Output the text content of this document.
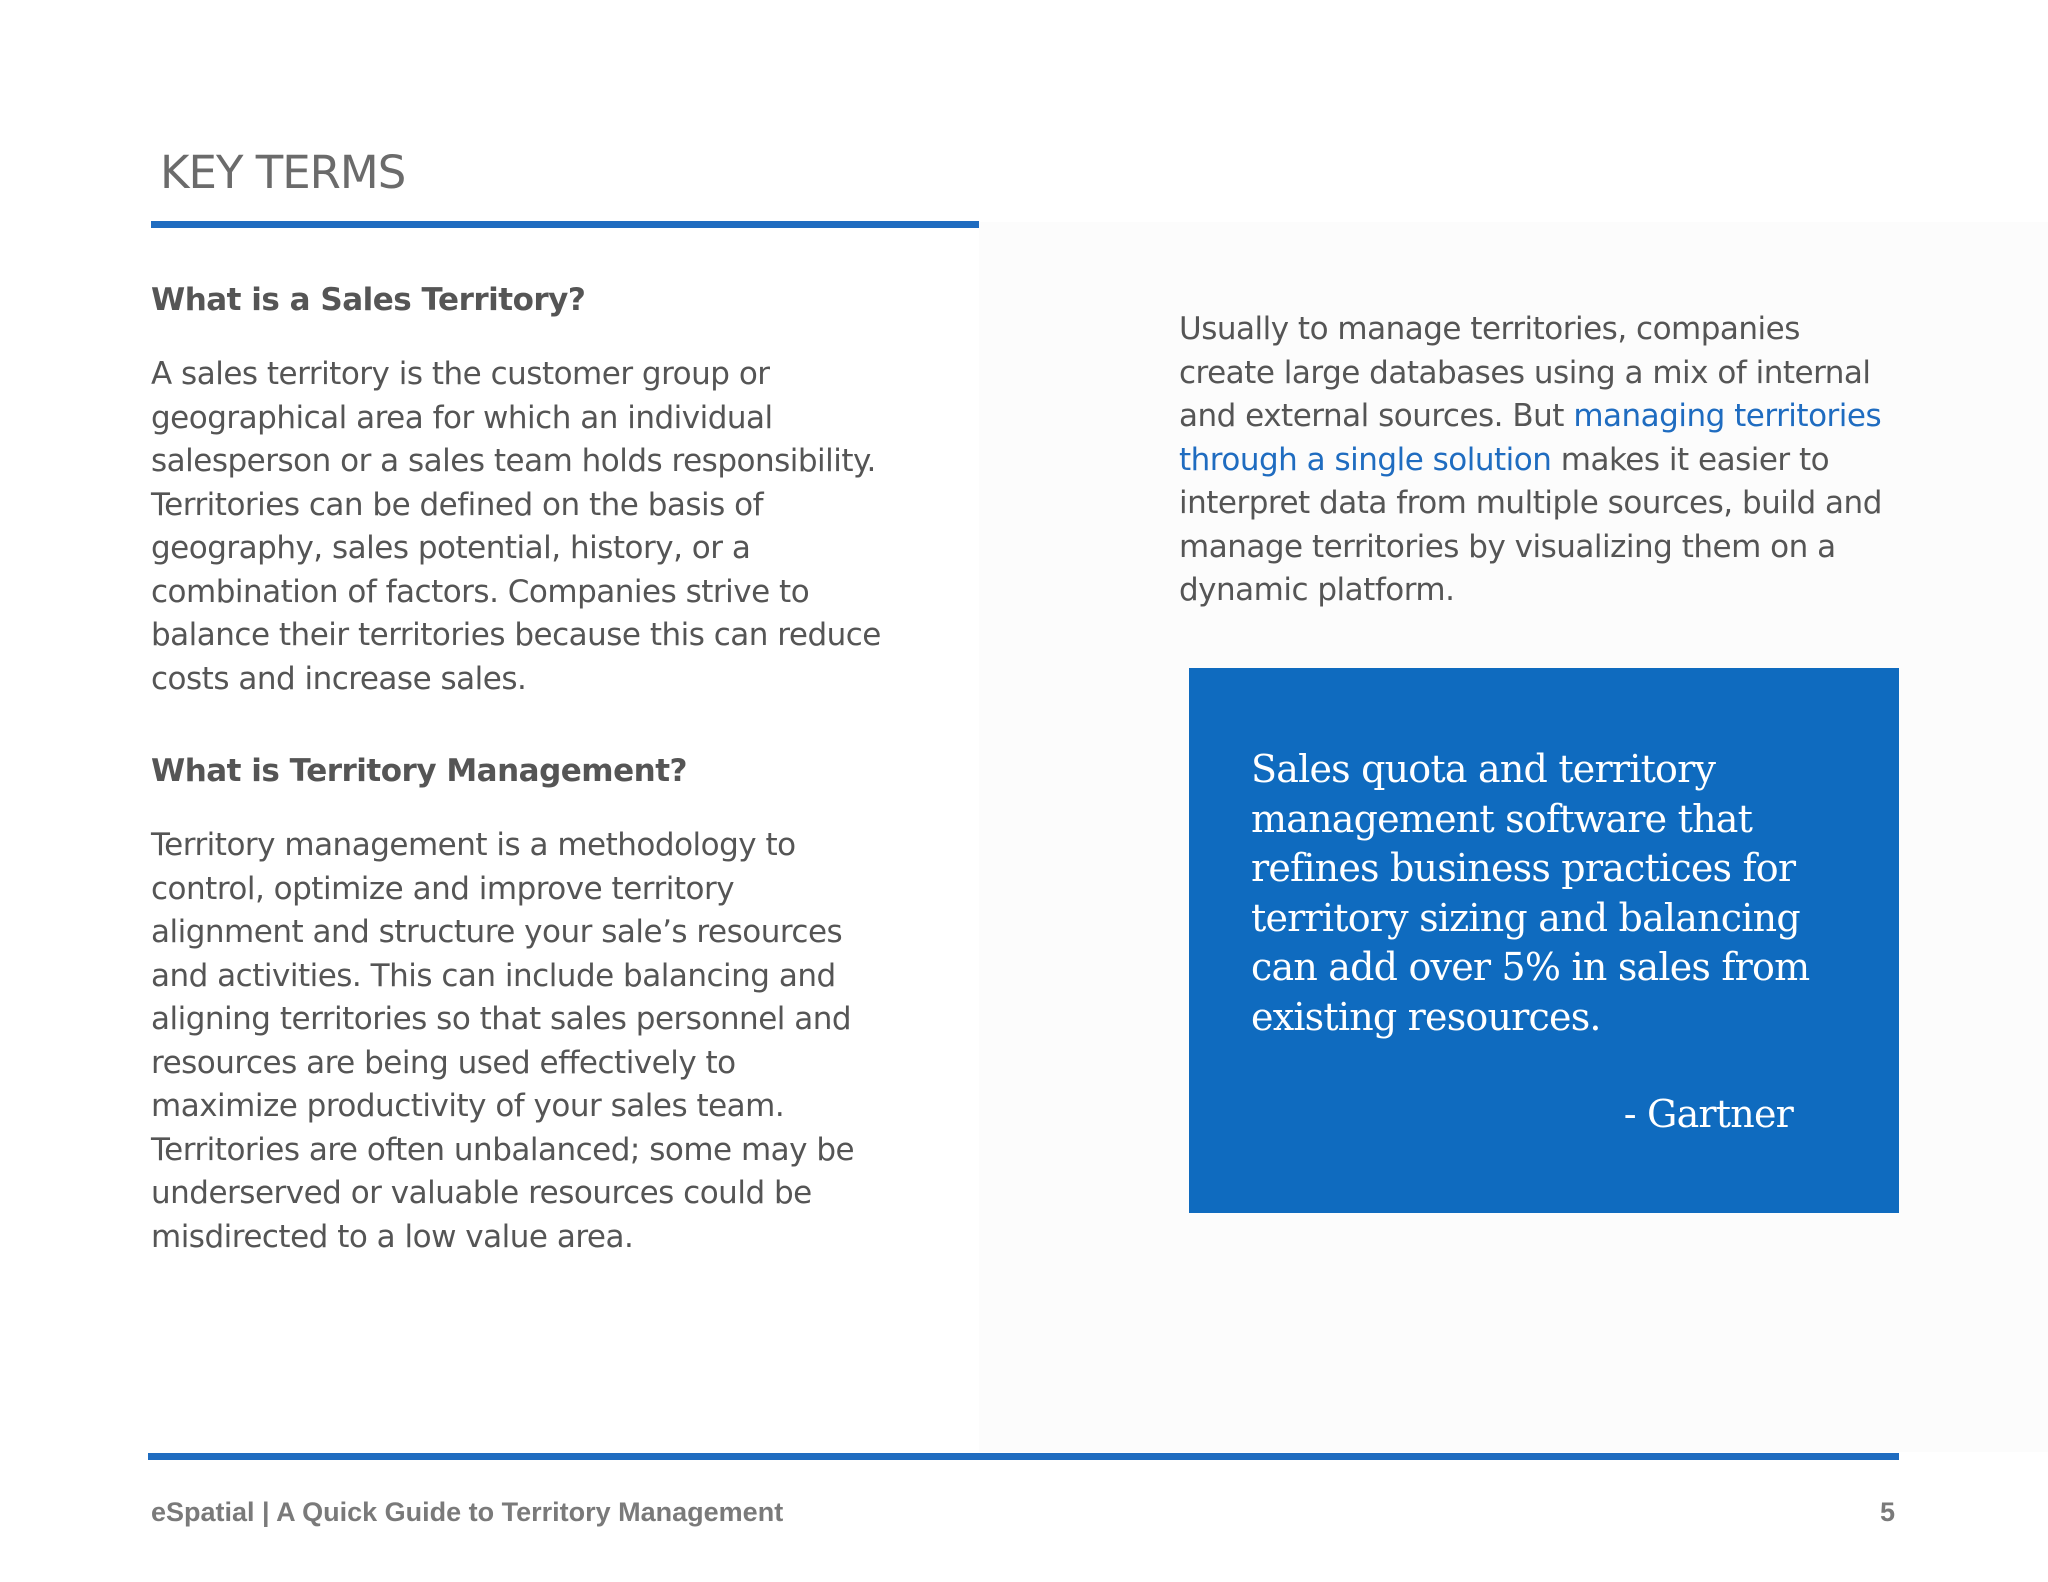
KEY TERMS
What is a Sales Territory?

A sales territory is the customer group or geographical area for which an individual salesperson or a sales team holds responsibility. Territories can be defined on the basis of geography, sales potential, history, or a combination of factors. Companies strive to balance their territories because this can reduce costs and increase sales.

What is Territory Management?

Territory management is a methodology to control, optimize and improve territory alignment and structure your sale’s resources and activities. This can include balancing and aligning territories so that sales personnel and resources are being used effectively to maximize productivity of your sales team. Territories are often unbalanced; some may be underserved or valuable resources could be misdirected to a low value area.

Usually to manage territories, companies create large databases using a mix of internal and external sources. But managing territories through a single solution makes it easier to interpret data from multiple sources, build and manage territories by visualizing them on a dynamic platform.

Sales quota and territory management software that refines business practices for territory sizing and balancing can add over 5% in sales from existing resources.

- Gartner

eSpatial | A Quick Guide to Territory Management	5
